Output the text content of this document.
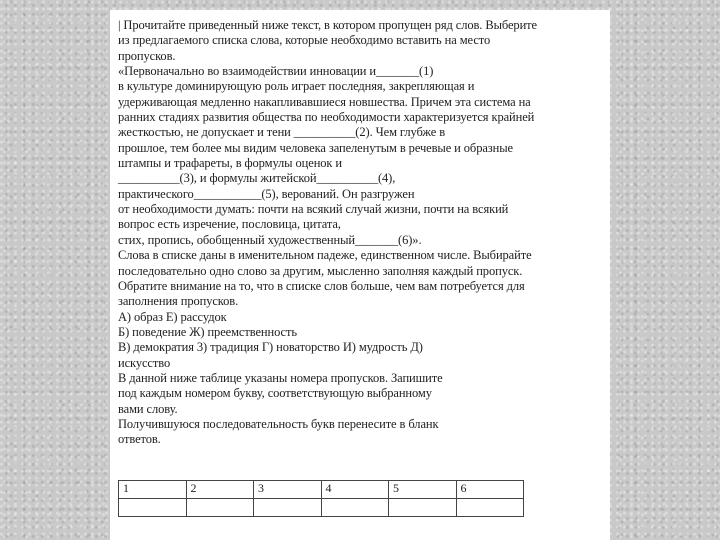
| Прочитайте приведенный ниже текст, в котором пропущен ряд слов. Выберите
из предлагаемого списка слова, которые необходимо вставить на место
пропусков.
«Первоначально во взаимодействии инновации и_______(1)
в культуре доминирующую роль играет последняя, закрепляющая и
удерживающая медленно накапливавшиеся новшества. Причем эта система на
ранних стадиях развития общества по необходимости характеризуется крайней
жесткостью, не допускает и тени __________(2). Чем глубже в
прошлое, тем более мы видим человека запеленутым в речевые и образные
штампы и трафареты, в формулы оценок и
__________(3), и формулы житейской__________(4),
практического___________(5), верований. Он разгружен
от необходимости думать: почти на всякий случай жизни, почти на всякий
вопрос есть изречение, пословица, цитата,
стих, пропись, обобщенный художественный_______(6)».
Слова в списке даны в именительном падеже, единственном числе. Выбирайте
последовательно одно слово за другим, мысленно заполняя каждый пропуск.
Обратите внимание на то, что в списке слов больше, чем вам потребуется для
заполнения пропусков.
А) образ Е) рассудок
Б) поведение Ж) преемственность
В) демократия 3) традиция Г) новаторство И) мудрость Д)
искусство
В данной ниже таблице указаны номера пропусков. Запишите
под каждым номером букву, соответствующую выбранному
вами слову.
Получившуюся последовательность букв перенесите в бланк
ответов.
1	2	3	4	5	6
